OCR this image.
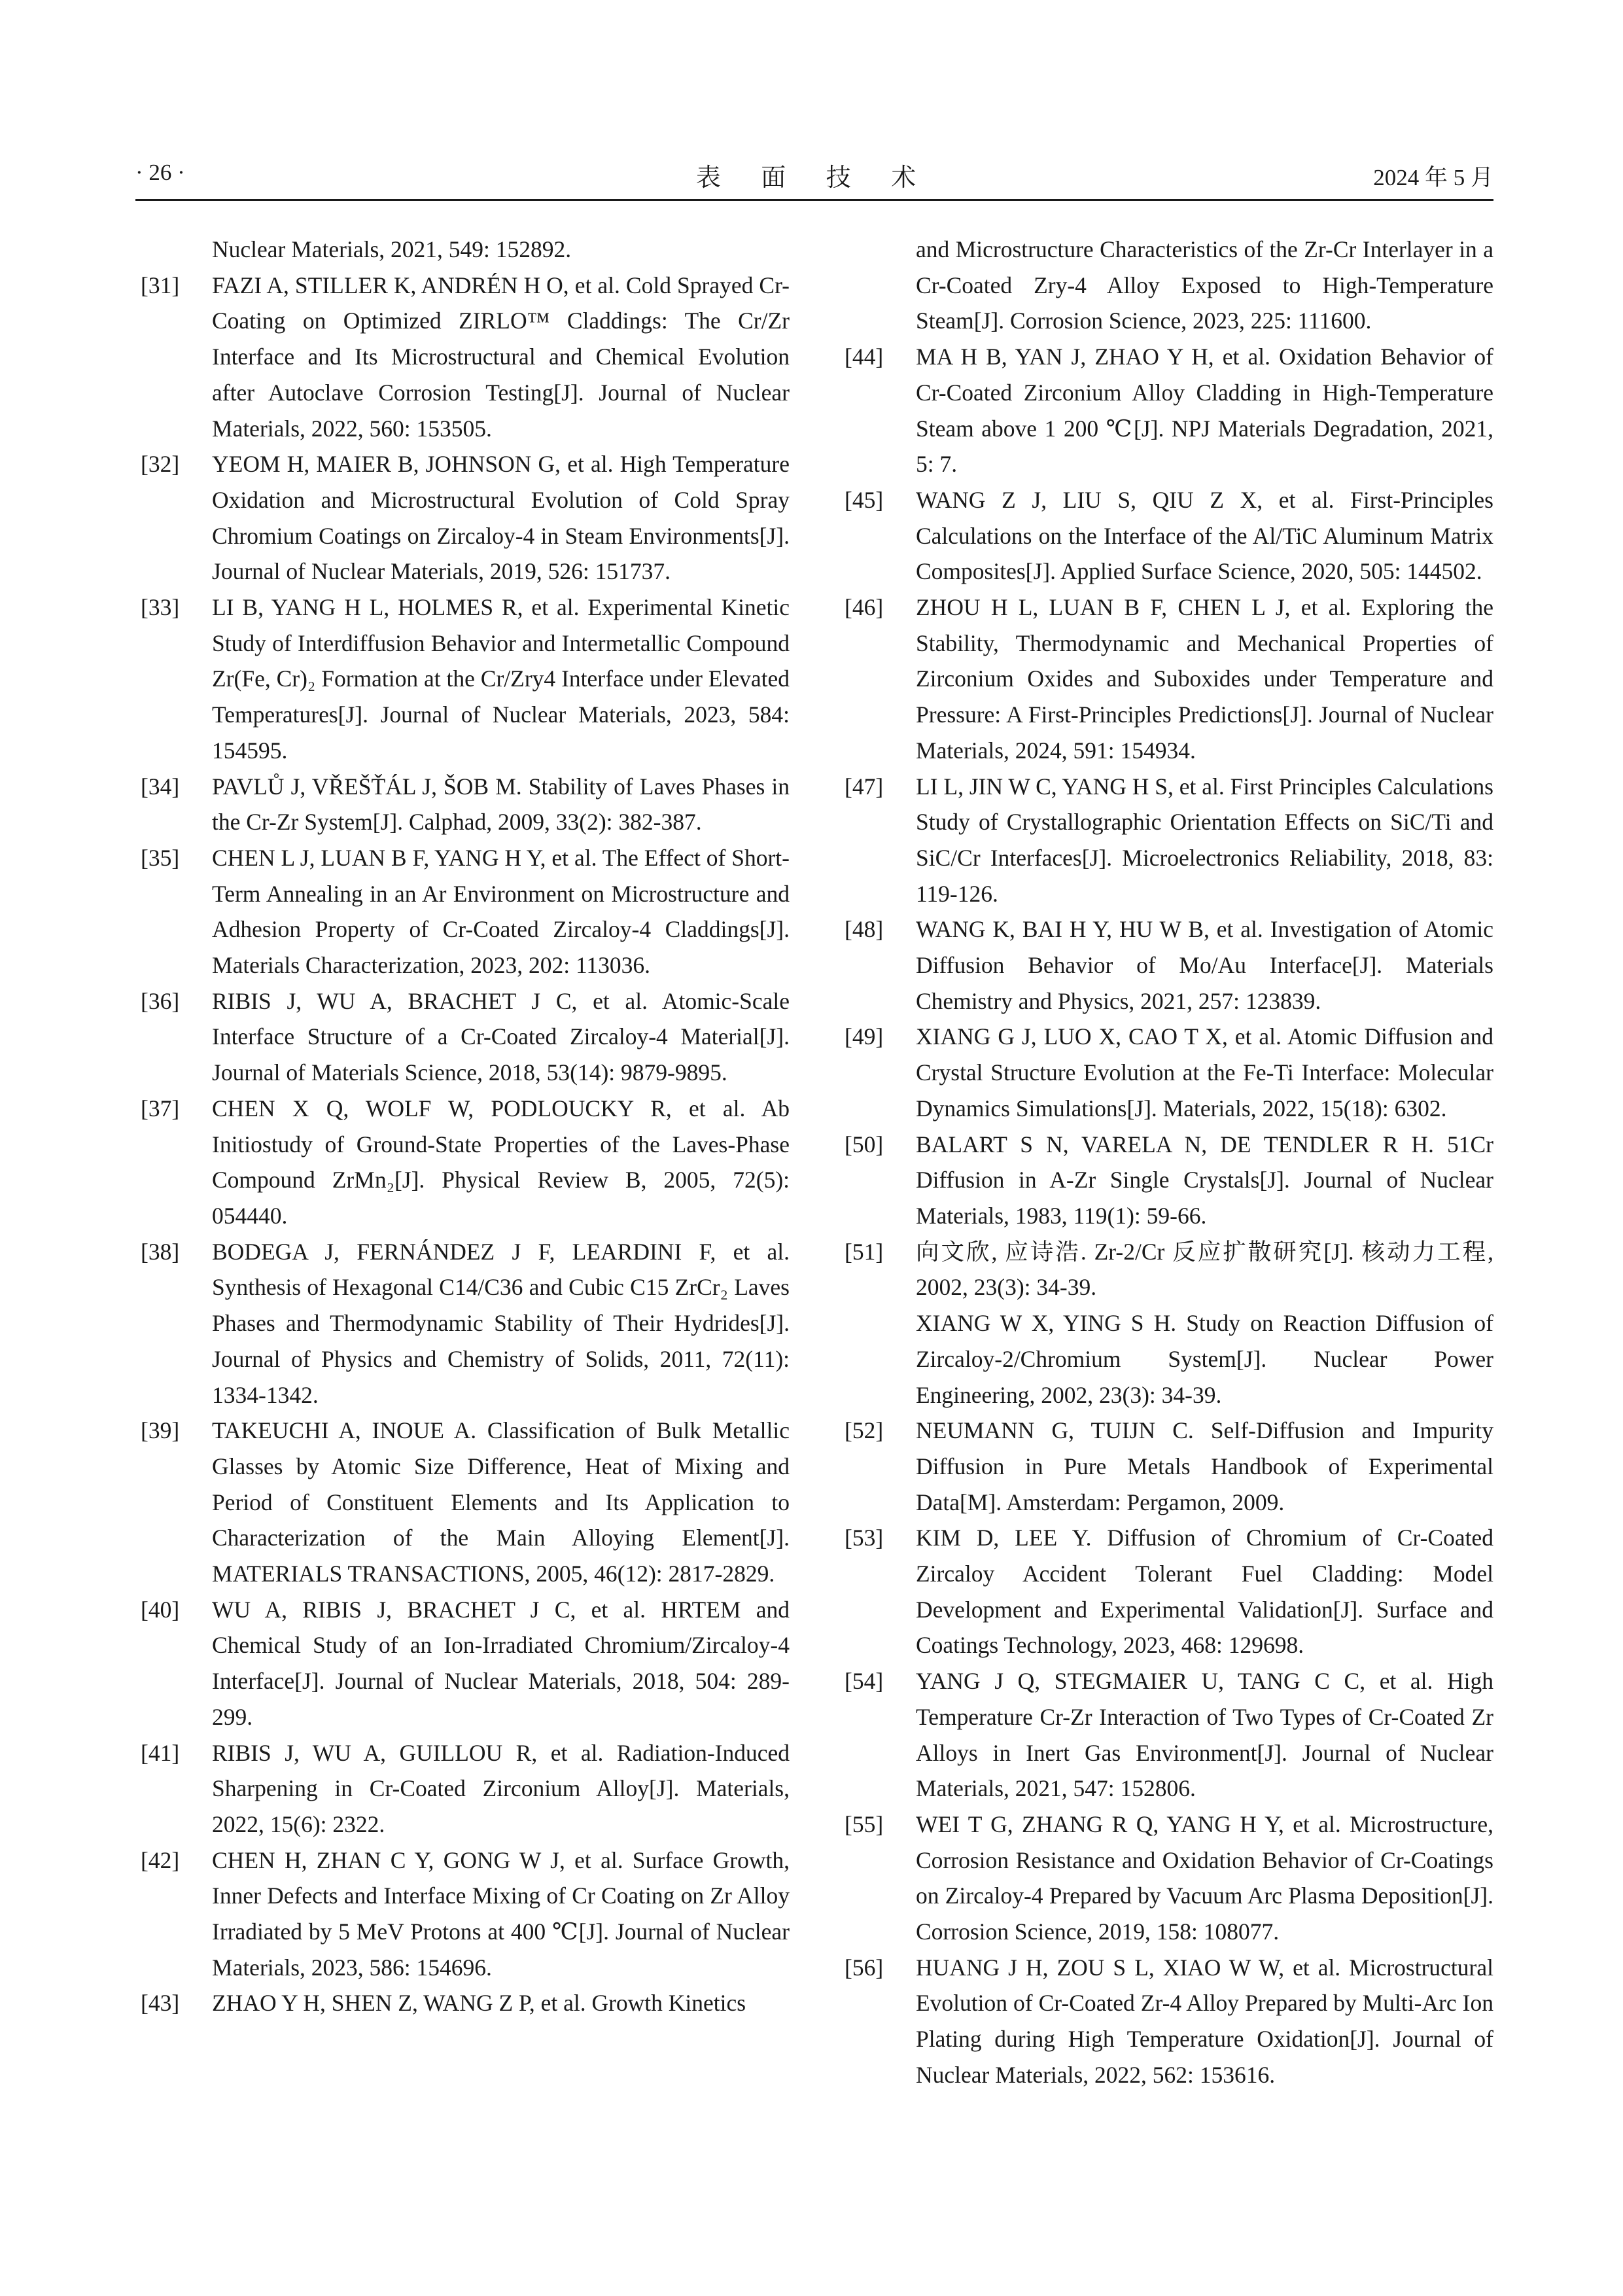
· 26 ·	表 面 技 术	2024 年 5 月
Nuclear Materials, 2021, 549: 152892.
[31] FAZI A, STILLER K, ANDRÉN H O, et al. Cold Sprayed Cr-Coating on Optimized ZIRLO™ Claddings: The Cr/Zr Interface and Its Microstructural and Chemical Evolution after Autoclave Corrosion Testing[J]. Journal of Nuclear Materials, 2022, 560: 153505.
[32] YEOM H, MAIER B, JOHNSON G, et al. High Temperature Oxidation and Microstructural Evolution of Cold Spray Chromium Coatings on Zircaloy-4 in Steam Environments[J]. Journal of Nuclear Materials, 2019, 526: 151737.
[33] LI B, YANG H L, HOLMES R, et al. Experimental Kinetic Study of Interdiffusion Behavior and Intermetallic Compound Zr(Fe, Cr)₂ Formation at the Cr/Zry4 Interface under Elevated Temperatures[J]. Journal of Nuclear Materials, 2023, 584: 154595.
[34] PAVLŮ J, VŘEŠŤÁL J, ŠOB M. Stability of Laves Phases in the Cr-Zr System[J]. Calphad, 2009, 33(2): 382-387.
[35] CHEN L J, LUAN B F, YANG H Y, et al. The Effect of Short-Term Annealing in an Ar Environment on Microstructure and Adhesion Property of Cr-Coated Zircaloy-4 Claddings[J]. Materials Characterization, 2023, 202: 113036.
[36] RIBIS J, WU A, BRACHET J C, et al. Atomic-Scale Interface Structure of a Cr-Coated Zircaloy-4 Material[J]. Journal of Materials Science, 2018, 53(14): 9879-9895.
[37] CHEN X Q, WOLF W, PODLOUCKY R, et al. Ab Initiostudy of Ground-State Properties of the Laves-Phase Compound ZrMn₂[J]. Physical Review B, 2005, 72(5): 054440.
[38] BODEGA J, FERNÁNDEZ J F, LEARDINI F, et al. Synthesis of Hexagonal C14/C36 and Cubic C15 ZrCr₂ Laves Phases and Thermodynamic Stability of Their Hydrides[J]. Journal of Physics and Chemistry of Solids, 2011, 72(11): 1334-1342.
[39] TAKEUCHI A, INOUE A. Classification of Bulk Metallic Glasses by Atomic Size Difference, Heat of Mixing and Period of Constituent Elements and Its Application to Characterization of the Main Alloying Element[J]. MATERIALS TRANSACTIONS, 2005, 46(12): 2817-2829.
[40] WU A, RIBIS J, BRACHET J C, et al. HRTEM and Chemical Study of an Ion-Irradiated Chromium/Zircaloy-4 Interface[J]. Journal of Nuclear Materials, 2018, 504: 289-299.
[41] RIBIS J, WU A, GUILLOU R, et al. Radiation-Induced Sharpening in Cr-Coated Zirconium Alloy[J]. Materials, 2022, 15(6): 2322.
[42] CHEN H, ZHAN C Y, GONG W J, et al. Surface Growth, Inner Defects and Interface Mixing of Cr Coating on Zr Alloy Irradiated by 5 MeV Protons at 400 ℃[J]. Journal of Nuclear Materials, 2023, 586: 154696.
[43] ZHAO Y H, SHEN Z, WANG Z P, et al. Growth Kinetics
and Microstructure Characteristics of the Zr-Cr Interlayer in a Cr-Coated Zry-4 Alloy Exposed to High-Temperature Steam[J]. Corrosion Science, 2023, 225: 111600.
[44] MA H B, YAN J, ZHAO Y H, et al. Oxidation Behavior of Cr-Coated Zirconium Alloy Cladding in High-Temperature Steam above 1 200 ℃[J]. NPJ Materials Degradation, 2021, 5: 7.
[45] WANG Z J, LIU S, QIU Z X, et al. First-Principles Calculations on the Interface of the Al/TiC Aluminum Matrix Composites[J]. Applied Surface Science, 2020, 505: 144502.
[46] ZHOU H L, LUAN B F, CHEN L J, et al. Exploring the Stability, Thermodynamic and Mechanical Properties of Zirconium Oxides and Suboxides under Temperature and Pressure: A First-Principles Predictions[J]. Journal of Nuclear Materials, 2024, 591: 154934.
[47] LI L, JIN W C, YANG H S, et al. First Principles Calculations Study of Crystallographic Orientation Effects on SiC/Ti and SiC/Cr Interfaces[J]. Microelectronics Reliability, 2018, 83: 119-126.
[48] WANG K, BAI H Y, HU W B, et al. Investigation of Atomic Diffusion Behavior of Mo/Au Interface[J]. Materials Chemistry and Physics, 2021, 257: 123839.
[49] XIANG G J, LUO X, CAO T X, et al. Atomic Diffusion and Crystal Structure Evolution at the Fe-Ti Interface: Molecular Dynamics Simulations[J]. Materials, 2022, 15(18): 6302.
[50] BALART S N, VARELA N, DE TENDLER R H. 51Cr Diffusion in A-Zr Single Crystals[J]. Journal of Nuclear Materials, 1983, 119(1): 59-66.
[51] 向文欣, 应诗浩. Zr-2/Cr 反应扩散研究[J]. 核动力工程, 2002, 23(3): 34-39.
XIANG W X, YING S H. Study on Reaction Diffusion of Zircaloy-2/Chromium System[J]. Nuclear Power Engineering, 2002, 23(3): 34-39.
[52] NEUMANN G, TUIJN C. Self-Diffusion and Impurity Diffusion in Pure Metals Handbook of Experimental Data[M]. Amsterdam: Pergamon, 2009.
[53] KIM D, LEE Y. Diffusion of Chromium of Cr-Coated Zircaloy Accident Tolerant Fuel Cladding: Model Development and Experimental Validation[J]. Surface and Coatings Technology, 2023, 468: 129698.
[54] YANG J Q, STEGMAIER U, TANG C C, et al. High Temperature Cr-Zr Interaction of Two Types of Cr-Coated Zr Alloys in Inert Gas Environment[J]. Journal of Nuclear Materials, 2021, 547: 152806.
[55] WEI T G, ZHANG R Q, YANG H Y, et al. Microstructure, Corrosion Resistance and Oxidation Behavior of Cr-Coatings on Zircaloy-4 Prepared by Vacuum Arc Plasma Deposition[J]. Corrosion Science, 2019, 158: 108077.
[56] HUANG J H, ZOU S L, XIAO W W, et al. Microstructural Evolution of Cr-Coated Zr-4 Alloy Prepared by Multi-Arc Ion Plating during High Temperature Oxidation[J]. Journal of Nuclear Materials, 2022, 562: 153616.
